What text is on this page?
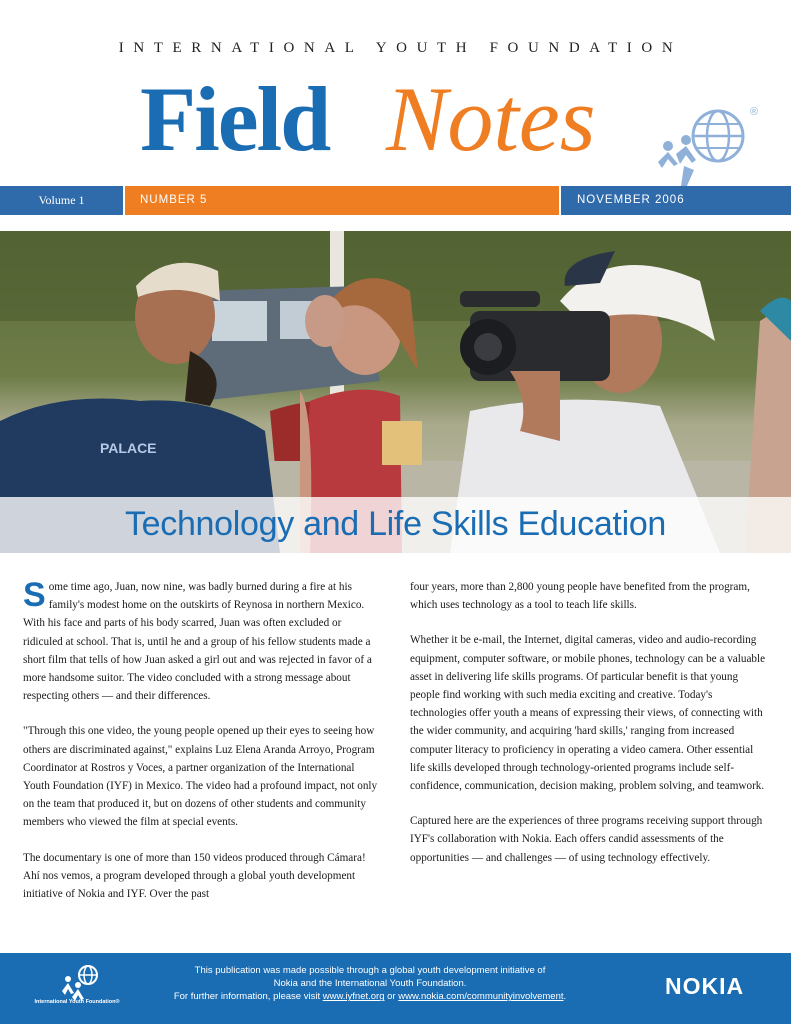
INTERNATIONAL YOUTH FOUNDATION
Field Notes	®
Volume 1	NUMBER 5	NOVEMBER 2006
PALACE
Technology and Life Skills Education

Some time ago, Juan, now nine, was badly burned during a fire at his family's modest home on the outskirts of Reynosa in northern Mexico. With his face and parts of his body scarred, Juan was often excluded or ridiculed at school. That is, until he and a group of his fellow students made a short film that tells of how Juan asked a girl out and was rejected in favor of a more handsome suitor. The video concluded with a strong message about respecting others — and their differences.

"Through this one video, the young people opened up their eyes to seeing how others are discriminated against," explains Luz Elena Aranda Arroyo, Program Coordinator at Rostros y Voces, a partner organization of the International Youth Foundation (IYF) in Mexico. The video had a profound impact, not only on the team that produced it, but on dozens of other students and community members who viewed the film at special events.

The documentary is one of more than 150 videos produced through Cámara! Ahí nos vemos, a program developed through a global youth development initiative of Nokia and IYF. Over the past

four years, more than 2,800 young people have benefited from the program, which uses technology as a tool to teach life skills.

Whether it be e-mail, the Internet, digital cameras, video and audio-recording equipment, computer software, or mobile phones, technology can be a valuable asset in delivering life skills programs. Of particular benefit is that young people find working with such media exciting and creative. Today's technologies offer youth a means of expressing their views, of connecting with the wider community, and acquiring 'hard skills,' ranging from increased computer literacy to proficiency in operating a video camera. Other essential life skills developed through technology-oriented programs include self-confidence, communication, decision making, problem solving, and teamwork.

Captured here are the experiences of three programs receiving support through IYF's collaboration with Nokia. Each offers candid assessments of the opportunities — and challenges — of using technology effectively.

International Youth Foundation®
This publication was made possible through a global youth development initiative of
Nokia and the International Youth Foundation.
For further information, please visit www.iyfnet.org or www.nokia.com/communityinvolvement.	NOKIA
